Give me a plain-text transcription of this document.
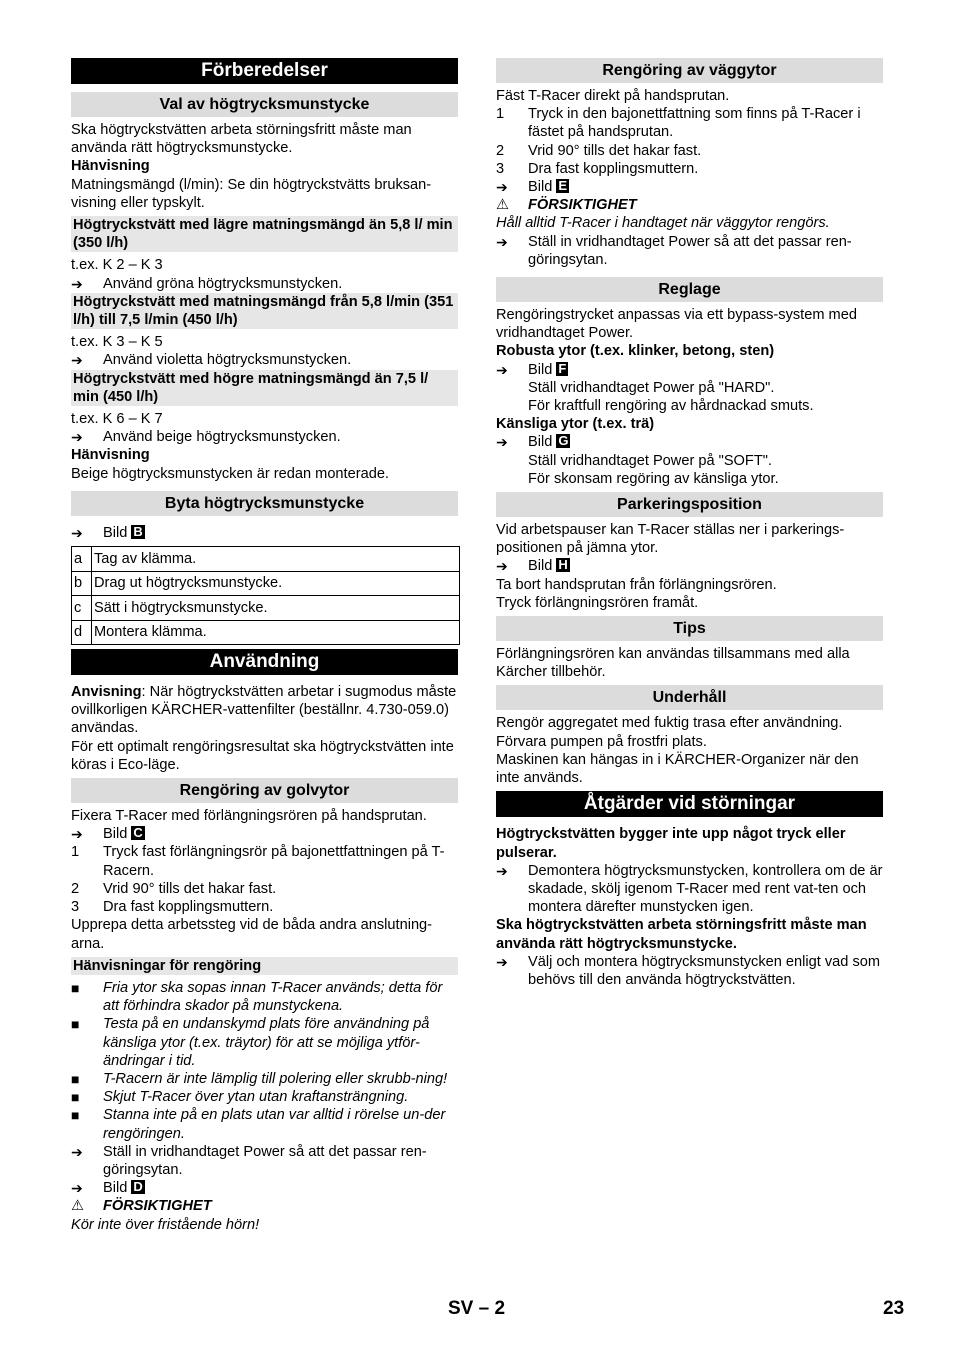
Förberedelser
Val av högtrycksmunstycke

Ska högtryckstvätten arbeta störningsfritt måste man använda rätt högtrycksmunstycke.

Hänvisning

Matningsmängd (l/min): Se din högtryckstvätts bruksan-visning eller typskylt.

Högtryckstvätt med lägre matningsmängd än 5,8 l/ min (350 l/h)

t.ex. K 2 – K 3

➔	Använd gröna högtrycksmunstycken.
Högtryckstvätt med matningsmängd från 5,8 l/min (351 l/h) till 7,5 l/min (450 l/h)

t.ex. K 3 – K 5

➔	Använd violetta högtrycksmunstycken.
Högtryckstvätt med högre matningsmängd än 7,5 l/ min (450 l/h)

t.ex. K 6 – K 7

➔	Använd beige högtrycksmunstycken.

Hänvisning

Beige högtrycksmunstycken är redan monterade.

Byta högtrycksmunstycke
➔	Bild B
a	Tag av klämma.
b	Drag ut högtrycksmunstycke.
c	Sätt i högtrycksmunstycke.
d	Montera klämma.
Användning

Anvisning: När högtryckstvätten arbetar i sugmodus måste ovillkorligen KÄRCHER-vattenfilter (beställnr. 4.730-059.0) användas.

För ett optimalt rengöringsresultat ska högtryckstvätten inte köras i Eco-läge.

Rengöring av golvytor

Fixera T-Racer med förlängningsrören på handsprutan.

➔	Bild C
1	Tryck fast förlängningsrör på bajonettfattningen på T-Racern.
2	Vrid 90° tills det hakar fast.
3	Dra fast kopplingsmuttern.

Upprepa detta arbetssteg vid de båda andra anslutning-arna.

Hänvisningar för rengöring
■	Fria ytor ska sopas innan T-Racer används; detta för att förhindra skador på munstyckena.
■	Testa på en undanskymd plats före användning på känsliga ytor (t.ex. träytor) för att se möjliga ytför-ändringar i tid.
■	T-Racern är inte lämplig till polering eller skrubb-ning!
■	Skjut T-Racer över ytan utan kraftansträngning.
■	Stanna inte på en plats utan var alltid i rörelse un-der rengöringen.
➔	Ställ in vridhandtaget Power så att det passar ren-göringsytan.
➔	Bild D
⚠	FÖRSIKTIGHET

Kör inte över fristående hörn!

Rengöring av väggytor

Fäst T-Racer direkt på handsprutan.

1	Tryck in den bajonettfattning som finns på T-Racer i fästet på handsprutan.
2	Vrid 90° tills det hakar fast.
3	Dra fast kopplingsmuttern.
➔	Bild E
⚠	FÖRSIKTIGHET

Håll alltid T-Racer i handtaget när väggytor rengörs.

➔	Ställ in vridhandtaget Power så att det passar ren-göringsytan.
Reglage

Rengöringstrycket anpassas via ett bypass-system med vridhandtaget Power.

Robusta ytor (t.ex. klinker, betong, sten)

➔	Bild F
Ställ vridhandtaget Power på "HARD".
För kraftfull rengöring av hårdnackad smuts.

Känsliga ytor (t.ex. trä)

➔	Bild G
Ställ vridhandtaget Power på "SOFT".
För skonsam regöring av känsliga ytor.
Parkeringsposition

Vid arbetspauser kan T-Racer ställas ner i parkerings-positionen på jämna ytor.

➔	Bild H

Ta bort handsprutan från förlängningsrören.

Tryck förlängningsrören framåt.

Tips

Förlängningsrören kan användas tillsammans med alla Kärcher tillbehör.

Underhåll

Rengör aggregatet med fuktig trasa efter användning.

Förvara pumpen på frostfri plats.

Maskinen kan hängas in i KÄRCHER-Organizer när den inte används.

Åtgärder vid störningar

Högtryckstvätten bygger inte upp något tryck eller pulserar.

➔	Demontera högtrycksmunstycken, kontrollera om de är skadade, skölj igenom T-Racer med rent vat-ten och montera därefter munstycken igen.

Ska högtryckstvätten arbeta störningsfritt måste man använda rätt högtrycksmunstycke.

➔	Välj och montera högtrycksmunstycken enligt vad som behövs till den använda högtryckstvätten.
SV – 2	23
